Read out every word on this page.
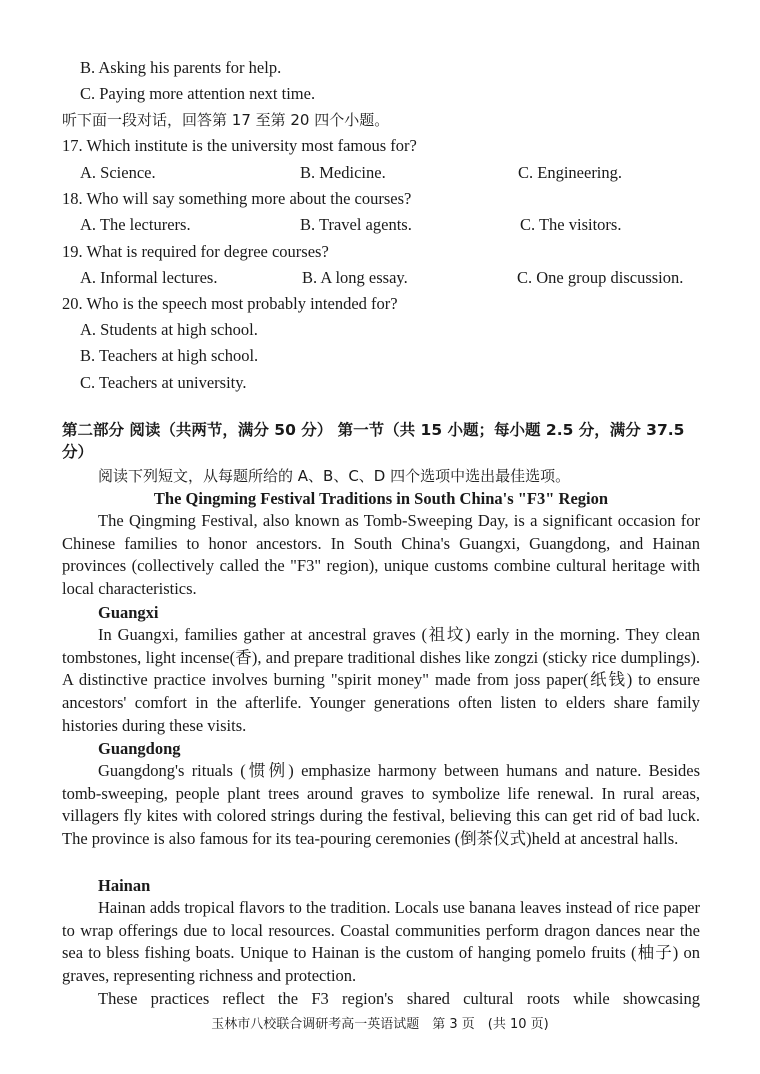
B. Asking his parents for help.
C. Paying more attention next time.
听下面一段对话，回答第 17 至第 20 四个小题。
17. Which institute is the university most famous for?
A. Science.	B. Medicine.	C. Engineering.
18. Who will say something more about the courses?
A. The lecturers.	B. Travel agents.	C. The visitors.
19. What is required for degree courses?
A. Informal lectures.	B. A long essay.	C. One group discussion.
20. Who is the speech most probably intended for?
A. Students at high school.
B. Teachers at high school.
C. Teachers at university.
第二部分 阅读（共两节，满分 50 分） 第一节（共 15 小题；每小题 2.5 分，满分 37.5 分）
阅读下列短文，从每题所给的 A、B、C、D 四个选项中选出最佳选项。
The Qingming Festival Traditions in South China's "F3" Region

The Qingming Festival, also known as Tomb-Sweeping Day, is a significant occasion for Chinese families to honor ancestors. In South China's Guangxi, Guangdong, and Hainan provinces (collectively called the "F3" region), unique customs combine cultural heritage with local characteristics.

Guangxi

In Guangxi, families gather at ancestral graves (祖坟) early in the morning. They clean tombstones, light incense(香), and prepare traditional dishes like zongzi (sticky rice dumplings). A distinctive practice involves burning "spirit money" made from joss paper(纸钱) to ensure ancestors' comfort in the afterlife. Younger generations often listen to elders share family histories during these visits.

Guangdong

Guangdong's rituals (惯例) emphasize harmony between humans and nature. Besides tomb-sweeping, people plant trees around graves to symbolize life renewal. In rural areas, villagers fly kites with colored strings during the festival, believing this can get rid of bad luck. The province is also famous for its tea-pouring ceremonies (倒茶仪式)held at ancestral halls.

Hainan

Hainan adds tropical flavors to the tradition. Locals use banana leaves instead of rice paper to wrap offerings due to local resources. Coastal communities perform dragon dances near the sea to bless fishing boats. Unique to Hainan is the custom of hanging pomelo fruits (柚子) on graves, representing richness and protection.

These practices reflect the F3 region's shared cultural roots while showcasing

玉林市八校联合调研考高一英语试题　第 3 页　(共 10 页)
